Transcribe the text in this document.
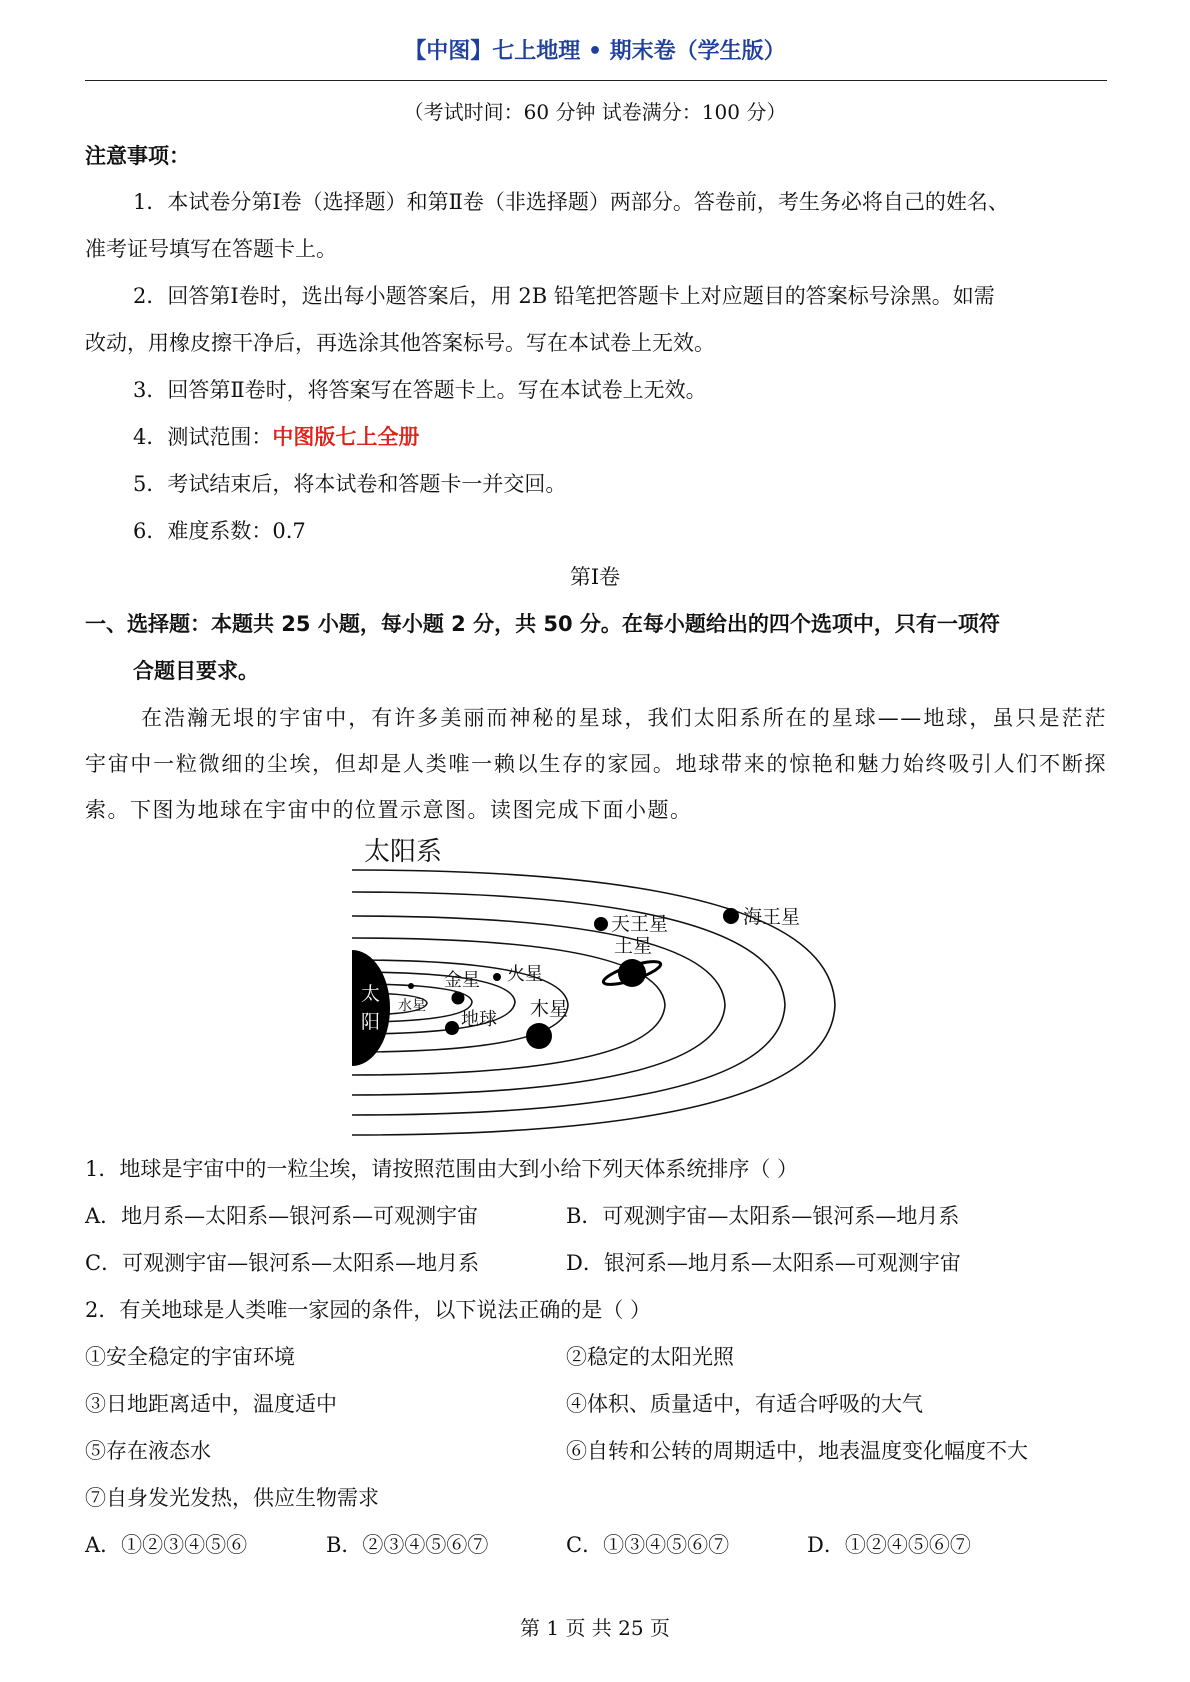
【中图】七上地理 • 期末卷（学生版）
（考试时间：60 分钟 试卷满分：100 分）
注意事项：
1．本试卷分第Ⅰ卷（选择题）和第Ⅱ卷（非选择题）两部分。答卷前，考生务必将自己的姓名、
准考证号填写在答题卡上。
2．回答第Ⅰ卷时，选出每小题答案后，用 2B 铅笔把答题卡上对应题目的答案标号涂黑。如需
改动，用橡皮擦干净后，再选涂其他答案标号。写在本试卷上无效。
3．回答第Ⅱ卷时，将答案写在答题卡上。写在本试卷上无效。
4．测试范围：中图版七上全册
5．考试结束后，将本试卷和答题卡一并交回。
6．难度系数：0.7
第Ⅰ卷
一、选择题：本题共 25 小题，每小题 2 分，共 50 分。在每小题给出的四个选项中，只有一项符
合题目要求。
在浩瀚无垠的宇宙中，有许多美丽而神秘的星球，我们太阳系所在的星球——地球，虽只是茫茫宇宙中一粒微细的尘埃，但却是人类唯一赖以生存的家园。地球带来的惊艳和魅力始终吸引人们不断探索。下图为地球在宇宙中的位置示意图。读图完成下面小题。
太阳系
太
阳
水星
金星
地球
火星
木星
土星
天王星	海王星
1．地球是宇宙中的一粒尘埃，请按照范围由大到小给下列天体系统排序（ ）
A．地月系—太阳系—银河系—可观测宇宙	B．可观测宇宙—太阳系—银河系—地月系
C．可观测宇宙—银河系—太阳系—地月系	D．银河系—地月系—太阳系—可观测宇宙
2．有关地球是人类唯一家园的条件，以下说法正确的是（ ）
①安全稳定的宇宙环境	②稳定的太阳光照
③日地距离适中，温度适中	④体积、质量适中，有适合呼吸的大气
⑤存在液态水	⑥自转和公转的周期适中，地表温度变化幅度不大
⑦自身发光发热，供应生物需求
A．①②③④⑤⑥	B．②③④⑤⑥⑦	C．①③④⑤⑥⑦	D．①②④⑤⑥⑦
第 1 页 共 25 页
